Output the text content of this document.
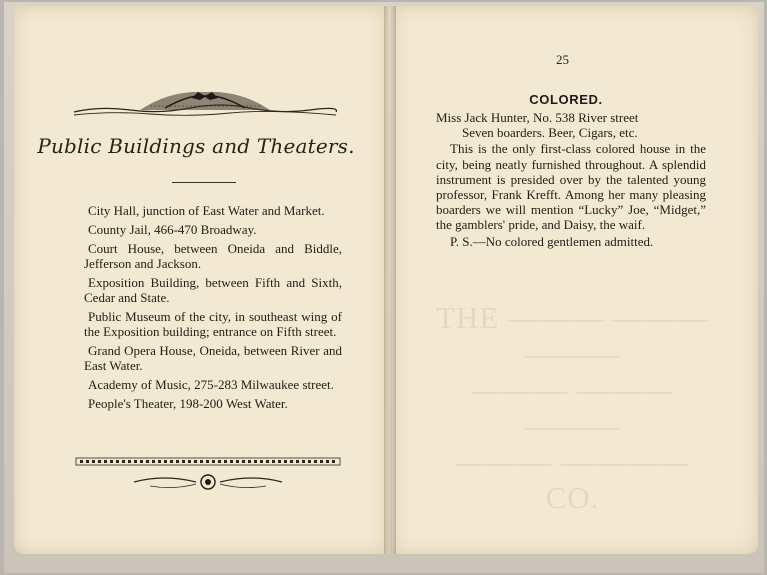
Public Buildings and Theaters.
City Hall, junction of East Water and Market.
County Jail, 466-470 Broadway.
Court House, between Oneida and Biddle, Jefferson and Jackson.
Exposition Building, between Fifth and Sixth, Cedar and State.
Public Museum of the city, in southeast wing of the Exposition building; entrance on Fifth street.
Grand Opera House, Oneida, between River and East Water.
Academy of Music, 275-283 Milwaukee street.
People's Theater, 198-200 West Water.
25
THE ——— ——— ———
——— ——— ———
——— ———— CO.
COLORED.

Miss Jack Hunter, No. 538 River street

Seven boarders. Beer, Cigars, etc.

This is the only first-class colored house in the city, being neatly furnished throughout. A splendid instrument is presided over by the talented young professor, Frank Krefft. Among her many pleasing boarders we will mention “Lucky” Joe, “Midget,” the gamblers' pride, and Daisy, the waif.

P. S.—No colored gentlemen admitted.
